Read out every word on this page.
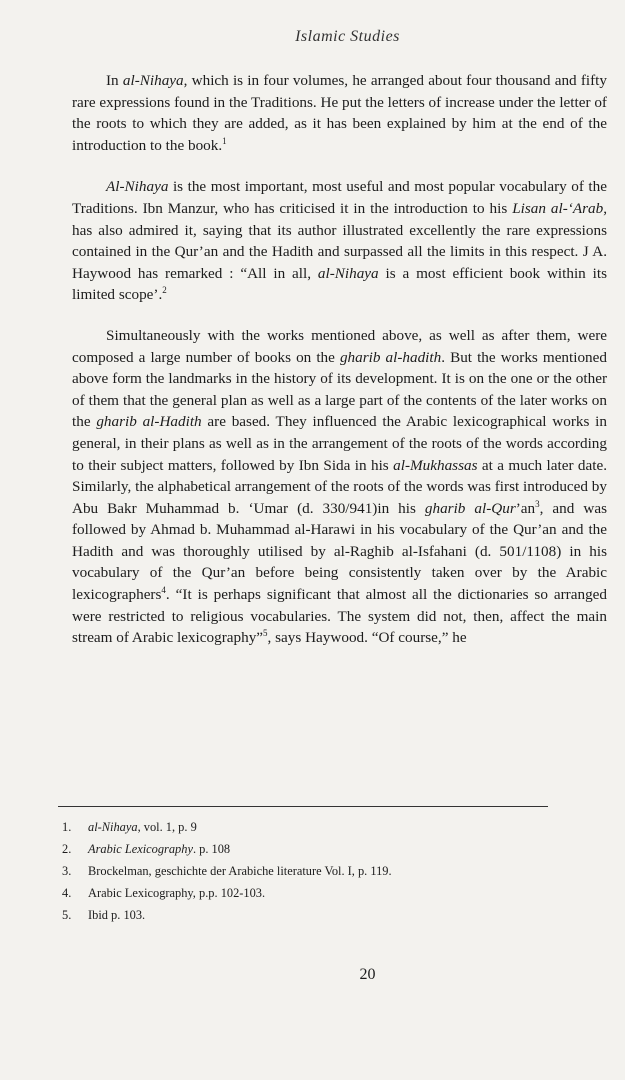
Islamic Studies

In al-Nihaya, which is in four volumes, he arranged about four thousand and fifty rare expressions found in the Traditions. He put the letters of increase under the letter of the roots to which they are added, as it has been explained by him at the end of the introduction to the book.$^1$

Al-Nihaya is the most important, most useful and most popular vocabulary of the Traditions. Ibn Manzur, who has criticised it in the introduction to his Lisan al-‘Arab, has also admired it, saying that its author illustrated excellently the rare expressions contained in the Qur’an and the Hadith and surpassed all the limits in this respect. J A. Haywood has remarked : “All in all, al-Nihaya is a most efficient book within its limited scope’.$^2$

Simultaneously with the works mentioned above, as well as after them, were composed a large number of books on the gharib al-hadith. But the works mentioned above form the landmarks in the history of its development. It is on the one or the other of them that the general plan as well as a large part of the contents of the later works on the gharib al-Hadith are based. They influenced the Arabic lexicographical works in general, in their plans as well as in the arrangement of the roots of the words according to their subject matters, followed by Ibn Sida in his al-Mukhassas at a much later date. Similarly, the alphabetical arrangement of the roots of the words was first introduced by Abu Bakr Muhammad b. ‘Umar (d. 330/941)in his gharib $al-Qur’an^3$, and was followed by Ahmad b. Muhammad al-Harawi in his vocabulary of the Qur’an and the Hadith and was thoroughly utilised by al-Raghib al-Isfahani (d. 501/1108) in his vocabulary of the Qur’an before being consistently taken over by the Arabic lexicographers$^4$. “It is perhaps significant that almost all the dictionaries so arranged were restricted to religious vocabularies. The system did not, then, affect the main stream of Arabic lexicography”$^5$, says Haywood. “Of course,” he

1. al-Nihaya, vol. 1, p. 9
2. Arabic Lexicography. p. 108
3. Brockelman, geschichte der Arabiche literature Vol. I, p. 119.
4. Arabic Lexicography, p.p. 102-103.
5. Ibid p. 103.
20
